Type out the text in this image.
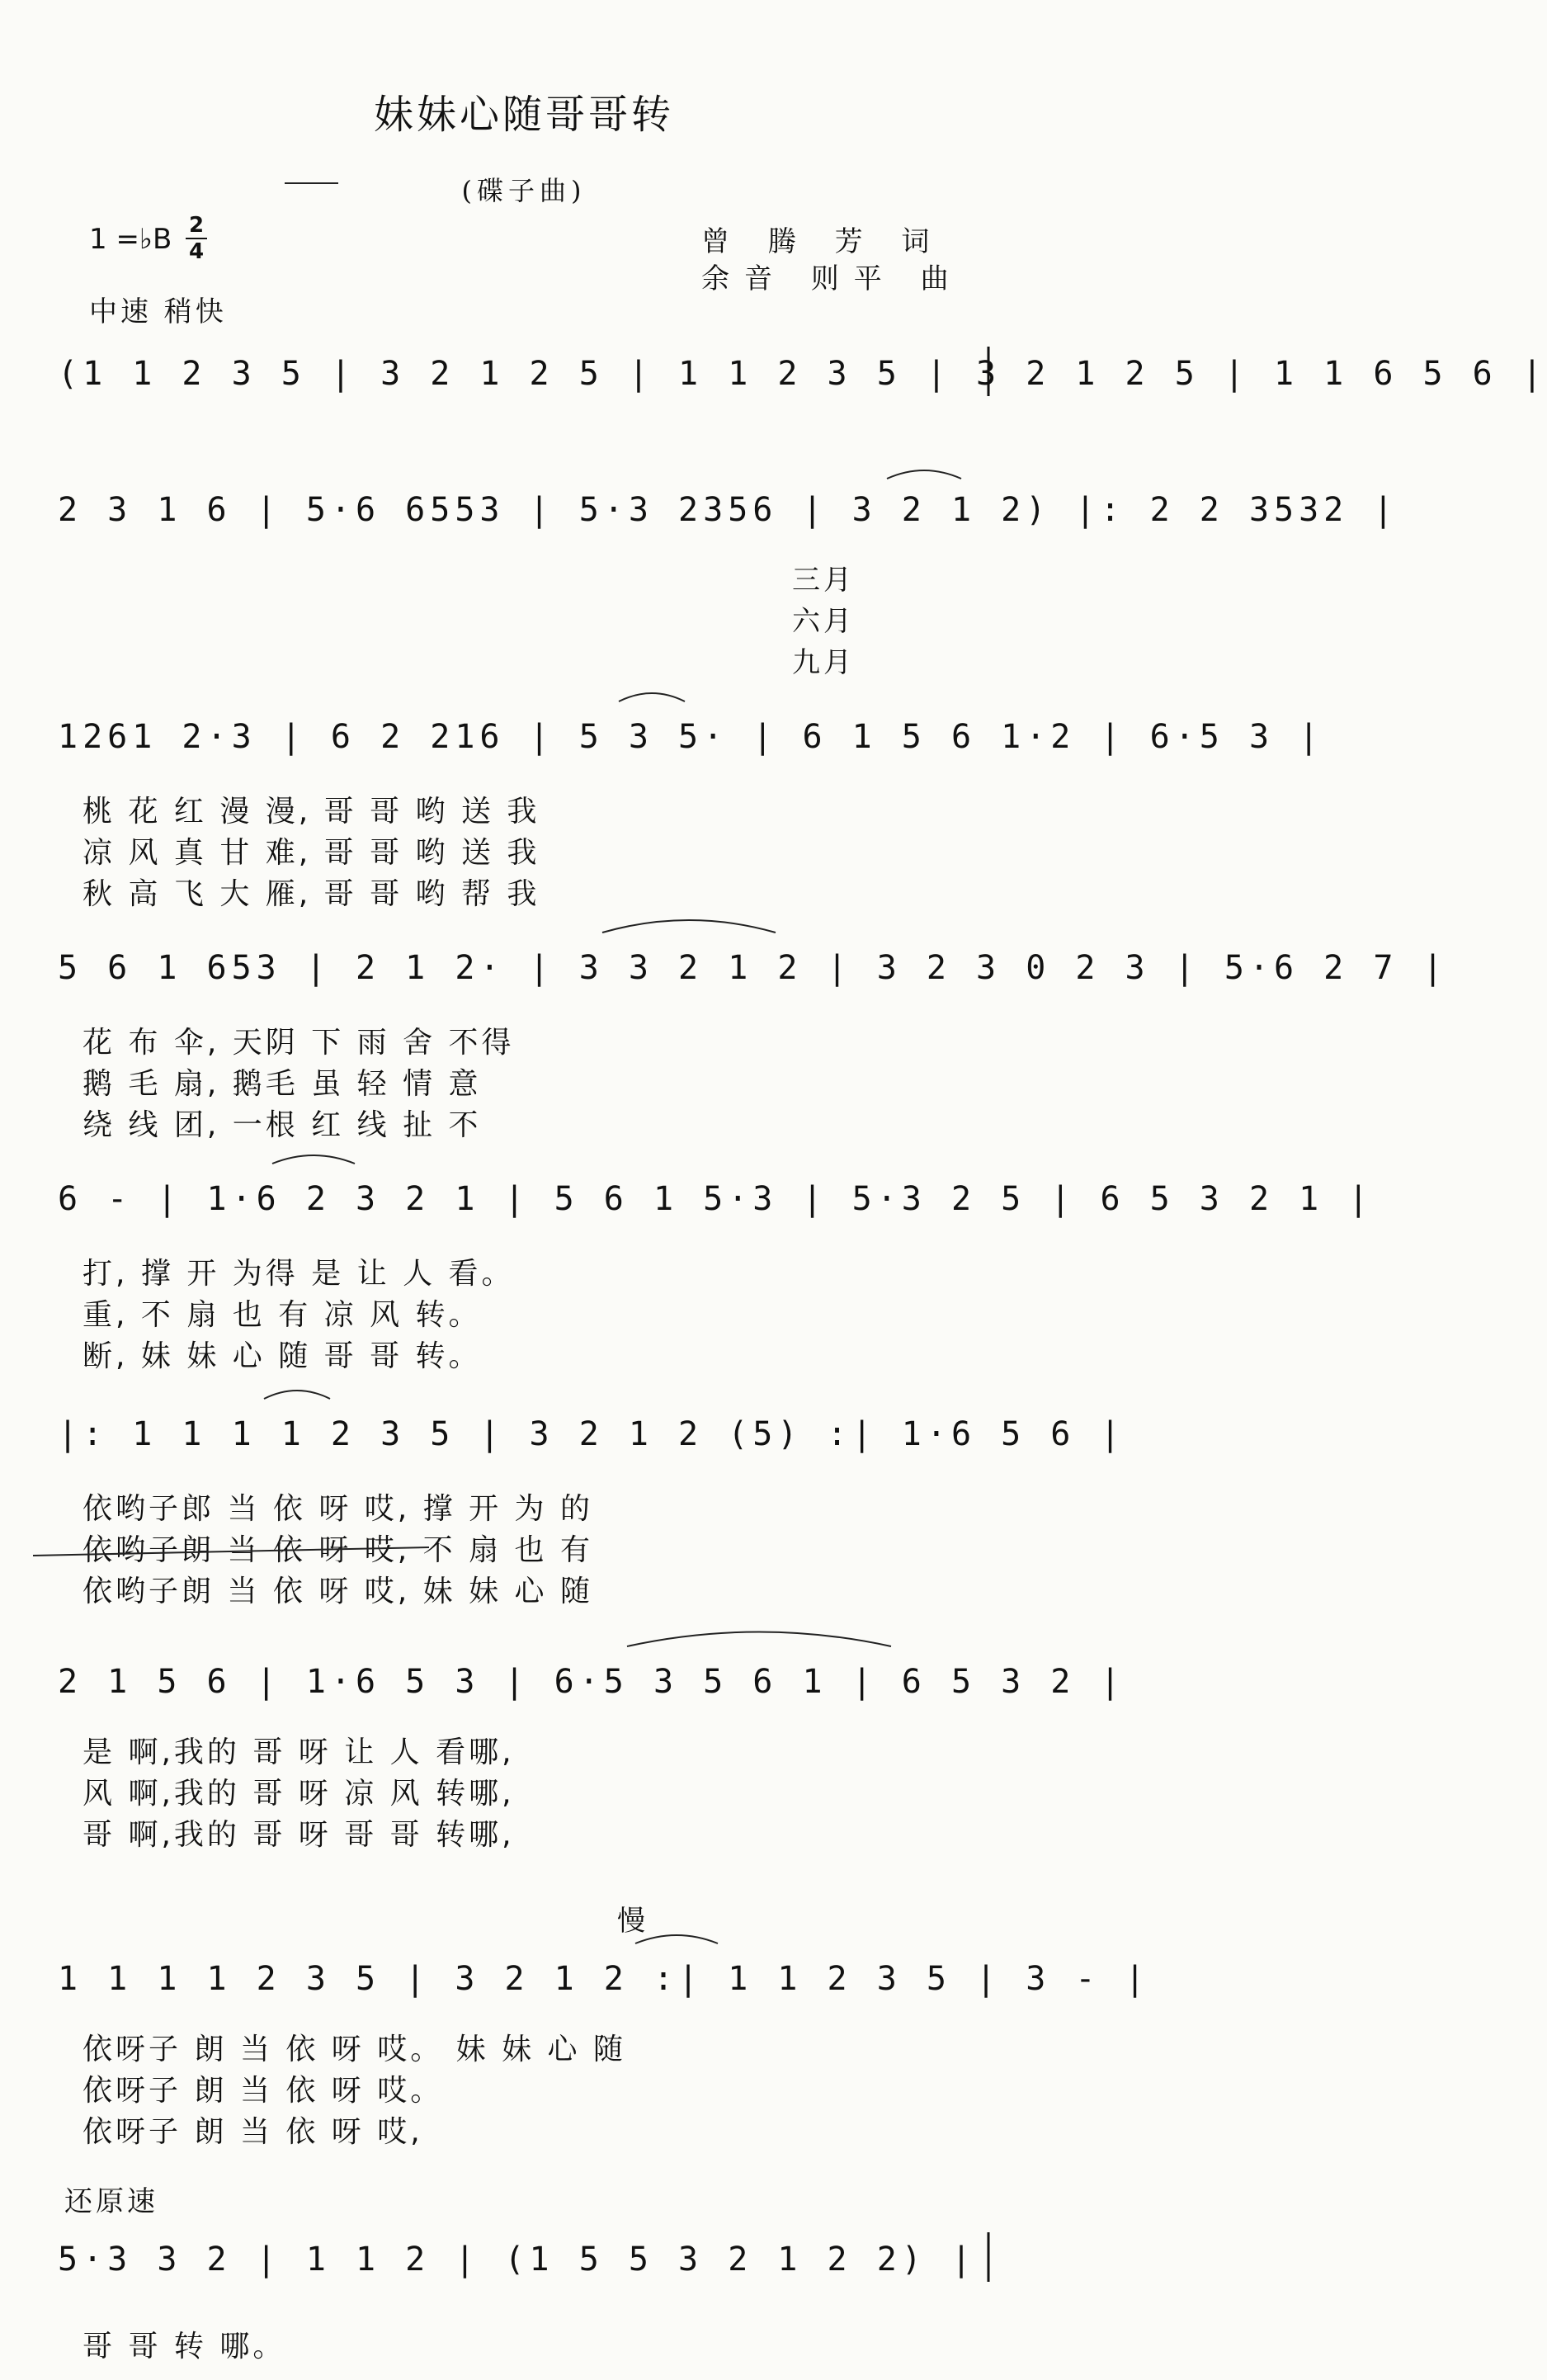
妹妹心随哥哥转
(碟子曲)
1 =♭B 2
4	曾 腾 芳 词
余音 则平 曲
中速 稍快
(1 1 2 3 5 | 3 2 1 2 5 | 1 1 2 3 5 | 3 2 1 2 5 | 1 1 6 5 6 |
2 3 1 6 | 5·6 6553 | 5·3 2356 | 3 2 1 2) |: 2 2 3532 |
三月
六月
九月
1261 2·3 | 6 2 216 | 5 3 5· | 6 1 5 6 1·2 | 6·5 3 |
桃 花 红 漫 漫, 哥 哥 哟 送 我
凉 风 真 甘 难, 哥 哥 哟 送 我
秋 高 飞 大 雁, 哥 哥 哟 帮 我
5 6 1 653 | 2 1 2· | 3 3 2 1 2 | 3 2 3 0 2 3 | 5·6 2 7 |
花 布 伞, 天阴 下 雨 舍 不得
鹅 毛 扇, 鹅毛 虽 轻 情 意
绕 线 团, 一根 红 线 扯 不
6 - | 1·6 2 3 2 1 | 5 6 1 5·3 | 5·3 2 5 | 6 5 3 2 1 |
打, 撑 开 为得 是 让 人 看。
重, 不 扇 也 有 凉 风 转。
断, 妹 妹 心 随 哥 哥 转。
|: 1 1 1 1 2 3 5 | 3 2 1 2 (5) :| 1·6 5 6 |
依哟子郎 当 依 呀 哎, 撑 开 为 的
依哟子朗 当 依 呀 哎, 不 扇 也 有
依哟子朗 当 依 呀 哎, 妹 妹 心 随
2 1 5 6 | 1·6 5 3 | 6·5 3 5 6 1 | 6 5 3 2 |
是 啊,我的 哥 呀 让 人 看哪,
风 啊,我的 哥 呀 凉 风 转哪,
哥 啊,我的 哥 呀 哥 哥 转哪,
慢
1 1 1 1 2 3 5 | 3 2 1 2 :| 1 1 2 3 5 | 3 - |
依呀子 朗 当 依 呀 哎。 妹 妹 心 随
依呀子 朗 当 依 呀 哎。
依呀子 朗 当 依 呀 哎,
还原速
5·3 3 2 | 1 1 2 | (1 5 5 3 2 1 2 2) |
哥 哥 转 哪。
